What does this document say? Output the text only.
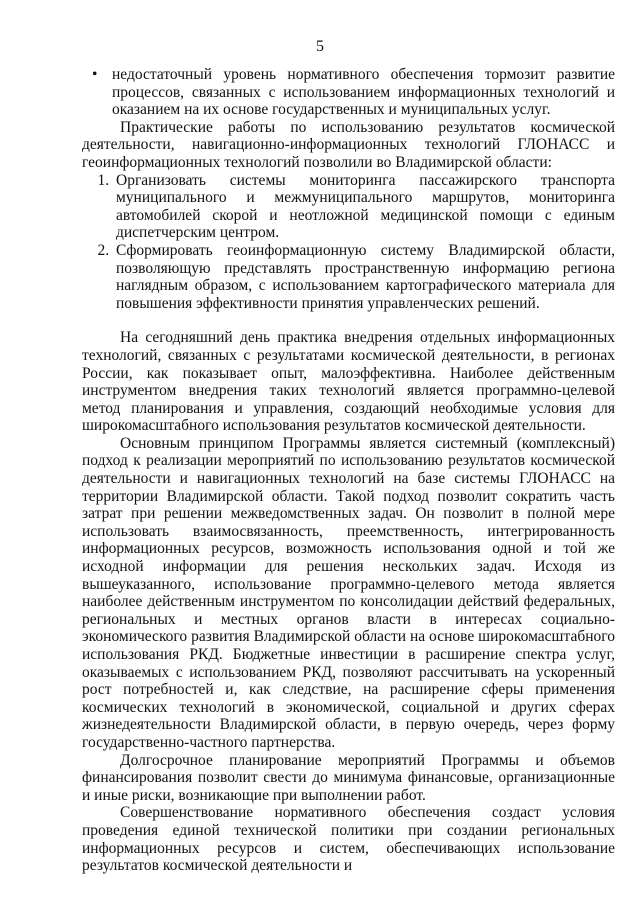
5
• недостаточный уровень нормативного обеспечения тормозит развитие процессов, связанных с использованием информационных технологий и оказанием на их основе государственных и муниципальных услуг.

Практические работы по использованию результатов космической деятельности, навигационно-информационных технологий ГЛОНАСС и геоинформационных технологий позволили во Владимирской области:

1. Организовать системы мониторинга пассажирского транспорта муниципального и межмуниципального маршрутов, мониторинга автомобилей скорой и неотложной медицинской помощи с единым диспетчерским центром.
2. Сформировать геоинформационную систему Владимирской области, позволяющую представлять пространственную информацию региона наглядным образом, с использованием картографического материала для повышения эффективности принятия управленческих решений.

На сегодняшний день практика внедрения отдельных информационных технологий, связанных с результатами космической деятельности, в регионах России, как показывает опыт, малоэффективна. Наиболее действенным инструментом внедрения таких технологий является программно-целевой метод планирования и управления, создающий необходимые условия для широкомасштабного использования результатов космической деятельности.

Основным принципом Программы является системный (комплексный) подход к реализации мероприятий по использованию результатов космической деятельности и навигационных технологий на базе системы ГЛОНАСС на территории Владимирской области. Такой подход позволит сократить часть затрат при решении межведомственных задач. Он позволит в полной мере использовать взаимосвязанность, преемственность, интегрированность информационных ресурсов, возможность использования одной и той же исходной информации для решения нескольких задач. Исходя из вышеуказанного, использование программно-целевого метода является наиболее действенным инструментом по консолидации действий федеральных, региональных и местных органов власти в интересах социально-экономического развития Владимирской области на основе широкомасштабного использования РКД. Бюджетные инвестиции в расширение спектра услуг, оказываемых с использованием РКД, позволяют рассчитывать на ускоренный рост потребностей и, как следствие, на расширение сферы применения космических технологий в экономической, социальной и других сферах жизнедеятельности Владимирской области, в первую очередь, через форму государственно-частного партнерства.

Долгосрочное планирование мероприятий Программы и объемов финансирования позволит свести до минимума финансовые, организационные и иные риски, возникающие при выполнении работ.

Совершенствование нормативного обеспечения создаст условия проведения единой технической политики при создании региональных информационных ресурсов и систем, обеспечивающих использование результатов космической деятельности и
